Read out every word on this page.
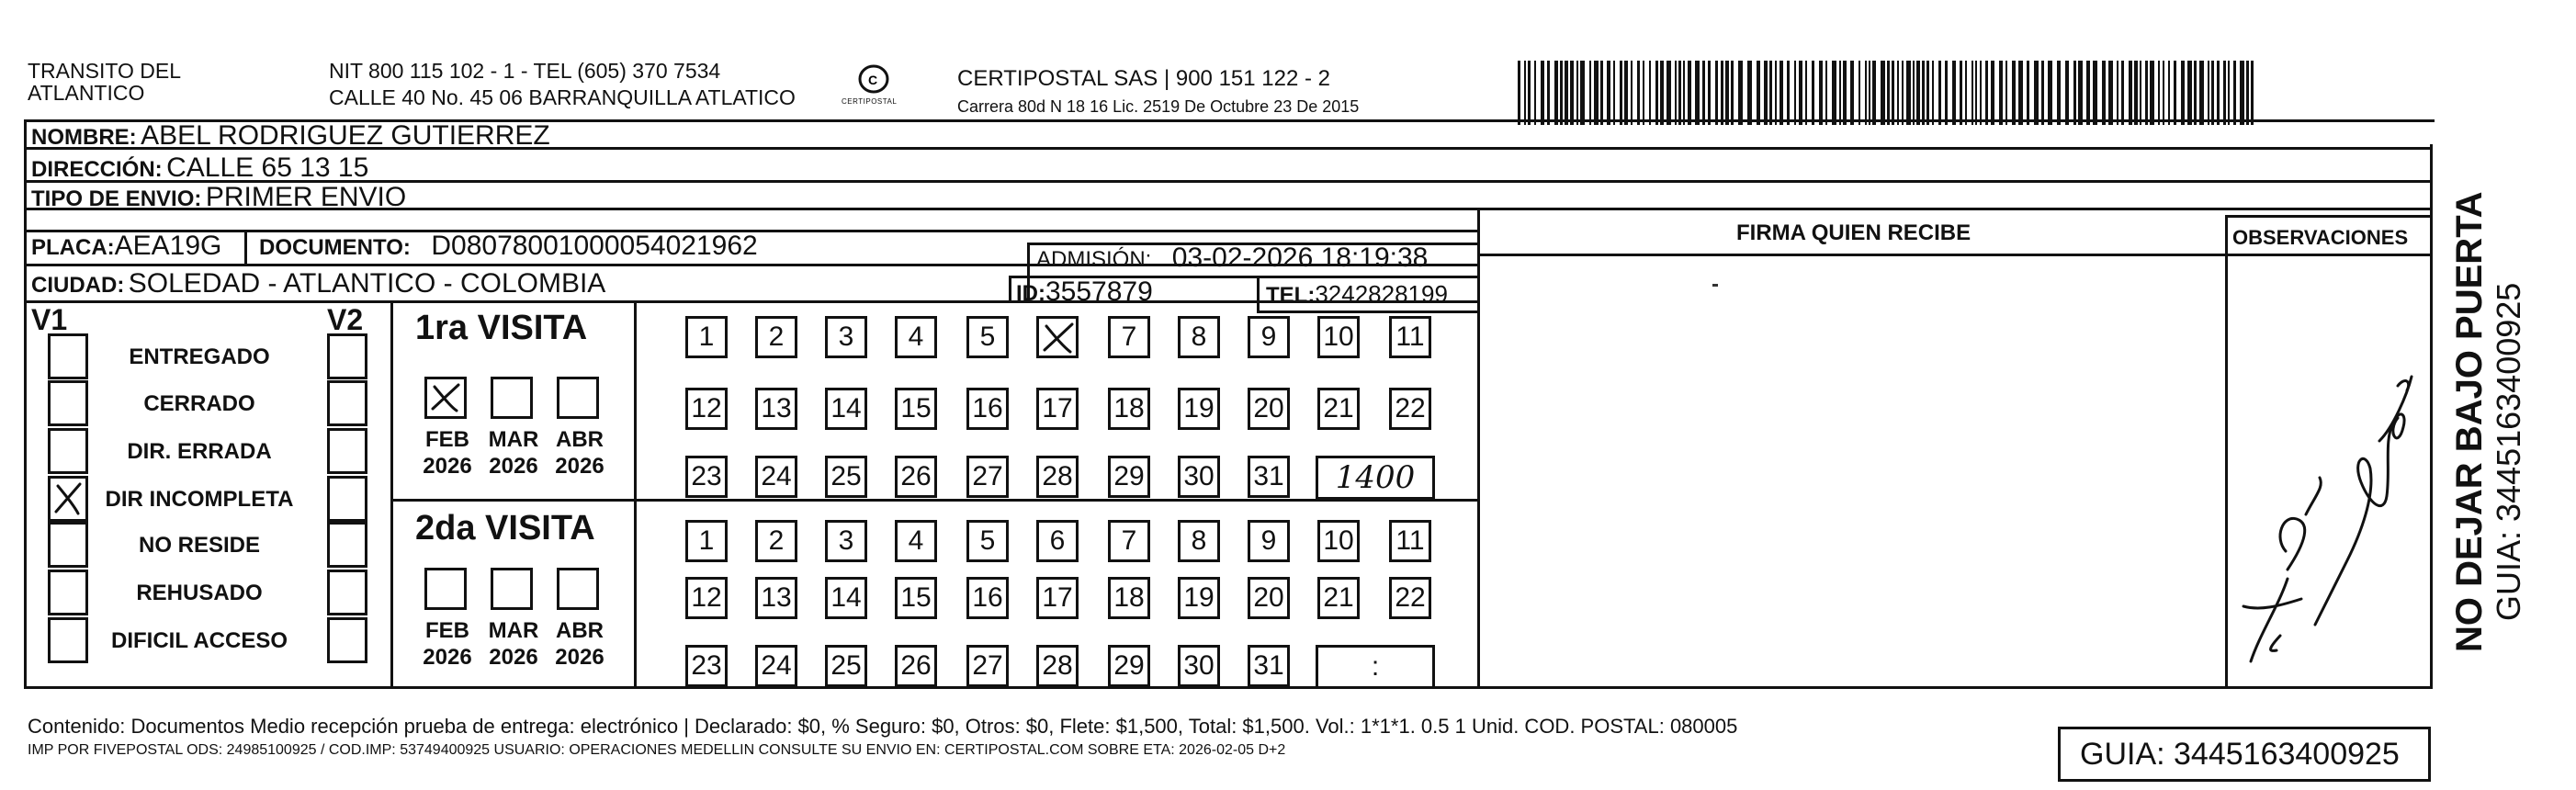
TRANSITO DEL
ATLANTICO
NIT 800 115 102 - 1 - TEL (605) 370 7534
CALLE 40 No. 45 06 BARRANQUILLA ATLATICO
C
CERTIPOSTAL
CERTIPOSTAL SAS | 900 151 122 - 2
Carrera 80d N 18 16 Lic. 2519 De Octubre 23 De 2015
NOMBRE: ABEL RODRIGUEZ GUTIERREZ
DIRECCIÓN: CALLE 65 13 15
TIPO DE ENVIO: PRIMER ENVIO
PLACA:AEA19G DOCUMENTO: D08078001000054021962	ADMISIÓN: 03-02-2026 18:19:38
CIUDAD: SOLEDAD - ATLANTICO - COLOMBIA	ID:3557879	TEL:3242828199
FIRMA QUIEN RECIBE	OBSERVACIONES NO DEJAR BAJO PUERTA GUIA: 3445163400925
V1	V2 1ra VISITA
2da VISITA
ENTREGADO
CERRADO
DIR. ERRADA
DIR INCOMPLETA
NO RESIDE
REHUSADO
DIFICIL ACCESO
FEB
2026
MAR
2026
ABR
2026
FEB
2026
MAR
2026
ABR
2026
1 2 3 4 5	7 8 9 10 11
12 13 14 15 16 17 18 19 20 21 22
23 24 25 26 27 28 29 30 31
1 2 3 4 5 6 7 8 9 10 11
12 13 14 15 16 17 18 19 20 21 22
23 24 25 26 27 28 29 30 31
1400
:
Contenido: Documentos Medio recepción prueba de entrega: electrónico | Declarado: $0, % Seguro: $0, Otros: $0, Flete: $1,500, Total: $1,500. Vol.: 1*1*1. 0.5 1 Unid. COD. POSTAL: 080005
IMP POR FIVEPOSTAL ODS: 24985100925 / COD.IMP: 53749400925 USUARIO: OPERACIONES MEDELLIN CONSULTE SU ENVIO EN: CERTIPOSTAL.COM SOBRE ETA: 2026-02-05 D+2	GUIA: 3445163400925
